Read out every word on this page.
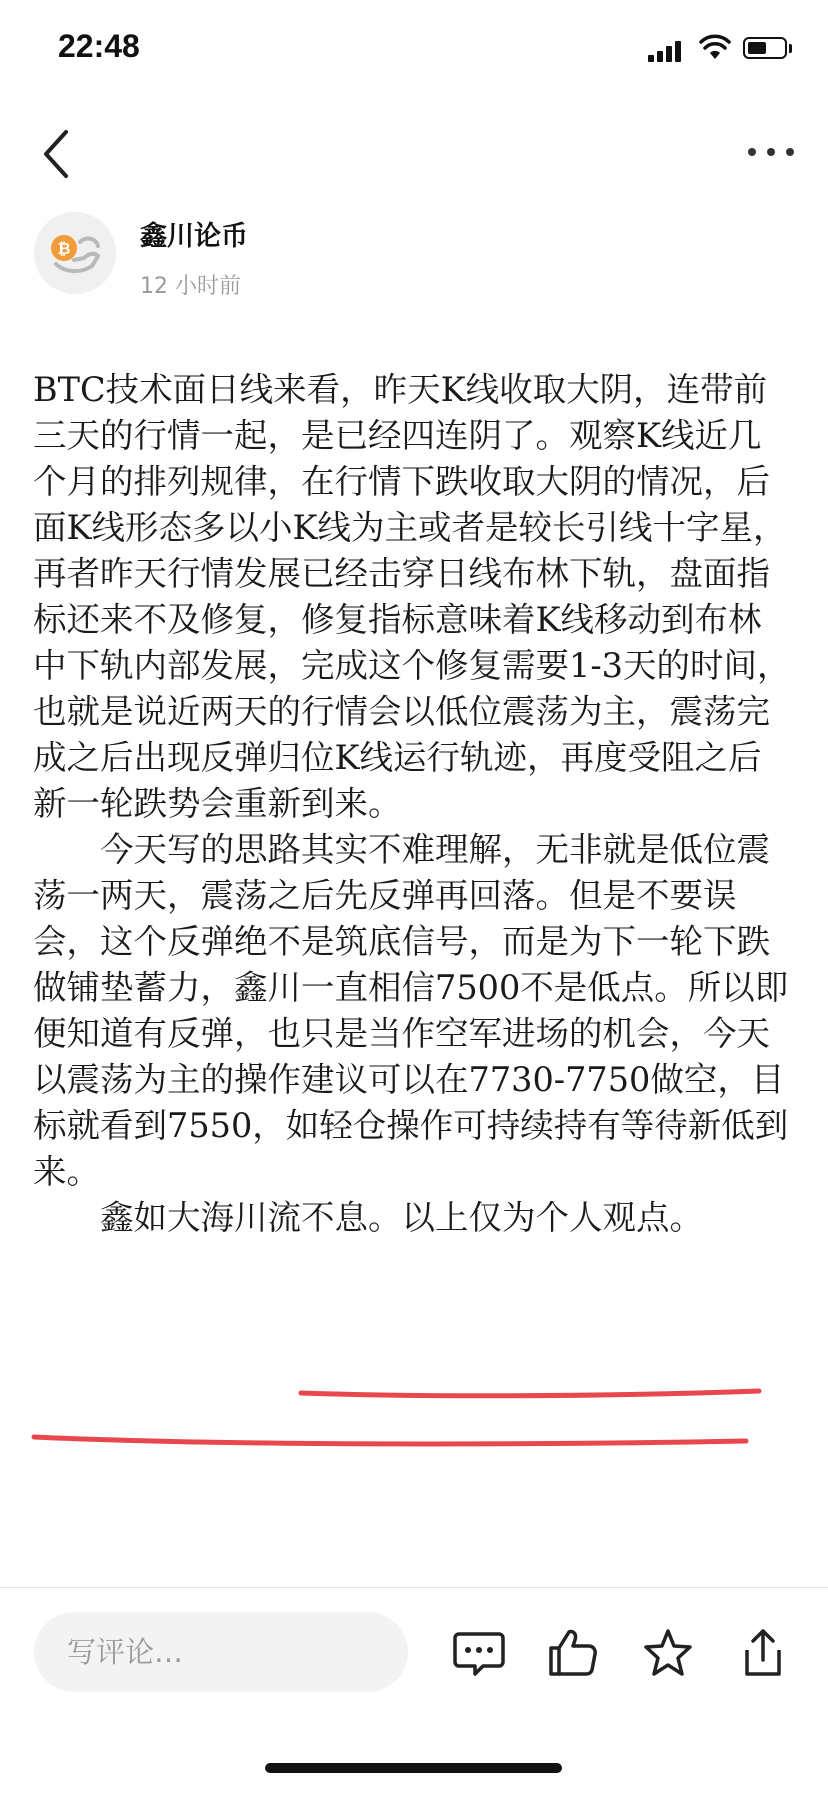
22:48
₿	鑫川论币
12 小时前

BTC技术面日线来看，昨天K线收取大阴，连带前三天的行情一起，是已经四连阴了。观察K线近几个月的排列规律，在行情下跌收取大阴的情况，后面K线形态多以小K线为主或者是较长引线十字星，再者昨天行情发展已经击穿日线布林下轨，盘面指标还来不及修复，修复指标意味着K线移动到布林中下轨内部发展，完成这个修复需要1-3天的时间，也就是说近两天的行情会以低位震荡为主，震荡完成之后出现反弹归位K线运行轨迹，再度受阻之后新一轮跌势会重新到来。

今天写的思路其实不难理解，无非就是低位震荡一两天，震荡之后先反弹再回落。但是不要误会，这个反弹绝不是筑底信号，而是为下一轮下跌做铺垫蓄力，鑫川一直相信7500不是低点。所以即便知道有反弹，也只是当作空军进场的机会，今天以震荡为主的操作建议可以在7730-7750做空，目标就看到7550，如轻仓操作可持续持有等待新低到来。

鑫如大海川流不息。以上仅为个人观点。

写评论…
